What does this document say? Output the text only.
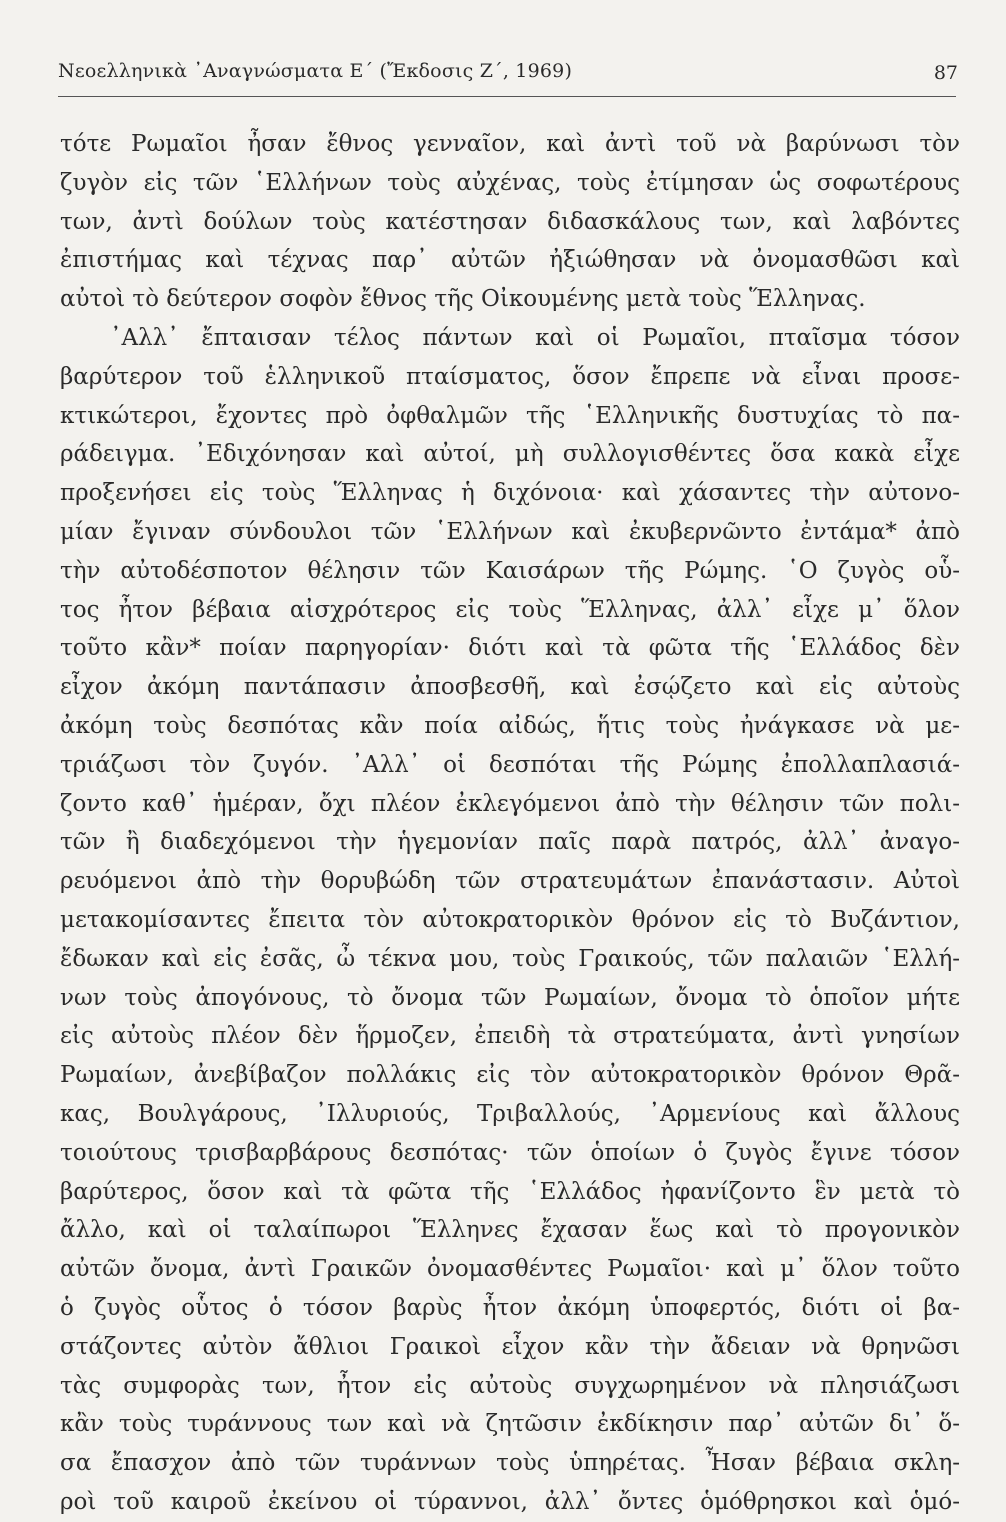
Νεοελληνικὰ ᾿Αναγνώσματα Ε΄ (Ἔκδοσις Ζ΄, 1969)	87
τότε Ρωμαῖοι ἦσαν ἔθνος γενναῖον, καὶ ἀντὶ τοῦ νὰ βαρύνωσι τὸν
ζυγὸν εἰς τῶν ῾Ελλήνων τοὺς αὐχένας, τοὺς ἐτίμησαν ὡς σοφωτέρους
των, ἀντὶ δούλων τοὺς κατέστησαν διδασκάλους των, καὶ λαβόντες
ἐπιστήμας καὶ τέχνας παρ᾿ αὐτῶν ἠξιώθησαν νὰ ὀνομασθῶσι καὶ
αὐτοὶ τὸ δεύτερον σοφὸν ἔθνος τῆς Οἰκουμένης μετὰ τοὺς Ἕλληνας.
᾿Αλλ᾿ ἔπταισαν τέλος πάντων καὶ οἱ Ρωμαῖοι, πταῖσμα τόσον
βαρύτερον τοῦ ἑλληνικοῦ πταίσματος, ὅσον ἔπρεπε νὰ εἶναι προσε-
κτικώτεροι, ἔχοντες πρὸ ὀφθαλμῶν τῆς ῾Ελληνικῆς δυστυχίας τὸ πα-
ράδειγμα. ᾿Εδιχόνησαν καὶ αὐτοί, μὴ συλλογισθέντες ὅσα κακὰ εἶχε
προξενήσει εἰς τοὺς Ἕλληνας ἡ διχόνοια· καὶ χάσαντες τὴν αὐτονο-
μίαν ἔγιναν σύνδουλοι τῶν ῾Ελλήνων καὶ ἐκυβερνῶντο ἐντάμα* ἀπὸ
τὴν αὐτοδέσποτον θέλησιν τῶν Καισάρων τῆς Ρώμης. ῾Ο ζυγὸς οὗ-
τος ἦτον βέβαια αἰσχρότερος εἰς τοὺς Ἕλληνας, ἀλλ᾿ εἶχε μ᾿ ὅλον
τοῦτο κἂν* ποίαν παρηγορίαν· διότι καὶ τὰ φῶτα τῆς ῾Ελλάδος δὲν
εἶχον ἀκόμη παντάπασιν ἀποσβεσθῆ, καὶ ἐσῴζετο καὶ εἰς αὐτοὺς
ἀκόμη τοὺς δεσπότας κἂν ποία αἰδώς, ἥτις τοὺς ἠνάγκασε νὰ με-
τριάζωσι τὸν ζυγόν. ᾿Αλλ᾿ οἱ δεσπόται τῆς Ρώμης ἐπολλαπλασιά-
ζοντο καθ᾿ ἡμέραν, ὄχι πλέον ἐκλεγόμενοι ἀπὸ τὴν θέλησιν τῶν πολι-
τῶν ἢ διαδεχόμενοι τὴν ἡγεμονίαν παῖς παρὰ πατρός, ἀλλ᾿ ἀναγο-
ρευόμενοι ἀπὸ τὴν θορυβώδη τῶν στρατευμάτων ἐπανάστασιν. Αὐτοὶ
μετακομίσαντες ἔπειτα τὸν αὐτοκρατορικὸν θρόνον εἰς τὸ Βυζάντιον,
ἔδωκαν καὶ εἰς ἐσᾶς, ὦ τέκνα μου, τοὺς Γραικούς, τῶν παλαιῶν ῾Ελλή-
νων τοὺς ἀπογόνους, τὸ ὄνομα τῶν Ρωμαίων, ὄνομα τὸ ὁποῖον μήτε
εἰς αὐτοὺς πλέον δὲν ἥρμοζεν, ἐπειδὴ τὰ στρατεύματα, ἀντὶ γνησίων
Ρωμαίων, ἀνεβίβαζον πολλάκις εἰς τὸν αὐτοκρατορικὸν θρόνον Θρᾶ-
κας, Βουλγάρους, ᾿Ιλλυριούς, Τριβαλλούς, ᾿Αρμενίους καὶ ἄλλους
τοιούτους τρισβαρβάρους δεσπότας· τῶν ὁποίων ὁ ζυγὸς ἔγινε τόσον
βαρύτερος, ὅσον καὶ τὰ φῶτα τῆς ῾Ελλάδος ἠφανίζοντο ἓν μετὰ τὸ
ἄλλο, καὶ οἱ ταλαίπωροι Ἕλληνες ἔχασαν ἕως καὶ τὸ προγονικὸν
αὐτῶν ὄνομα, ἀντὶ Γραικῶν ὀνομασθέντες Ρωμαῖοι· καὶ μ᾿ ὅλον τοῦτο
ὁ ζυγὸς οὗτος ὁ τόσον βαρὺς ἦτον ἀκόμη ὑποφερτός, διότι οἱ βα-
στάζοντες αὐτὸν ἄθλιοι Γραικοὶ εἶχον κἂν τὴν ἄδειαν νὰ θρηνῶσι
τὰς συμφορὰς των, ἦτον εἰς αὐτοὺς συγχωρημένον νὰ πλησιάζωσι
κἂν τοὺς τυράννους των καὶ νὰ ζητῶσιν ἐκδίκησιν παρ᾿ αὐτῶν δι᾿ ὅ-
σα ἔπασχον ἀπὸ τῶν τυράννων τοὺς ὑπηρέτας. Ἦσαν βέβαια σκλη-
ροὶ τοῦ καιροῦ ἐκείνου οἱ τύραννοι, ἀλλ᾿ ὄντες ὁμόθρησκοι καὶ ὁμό-
